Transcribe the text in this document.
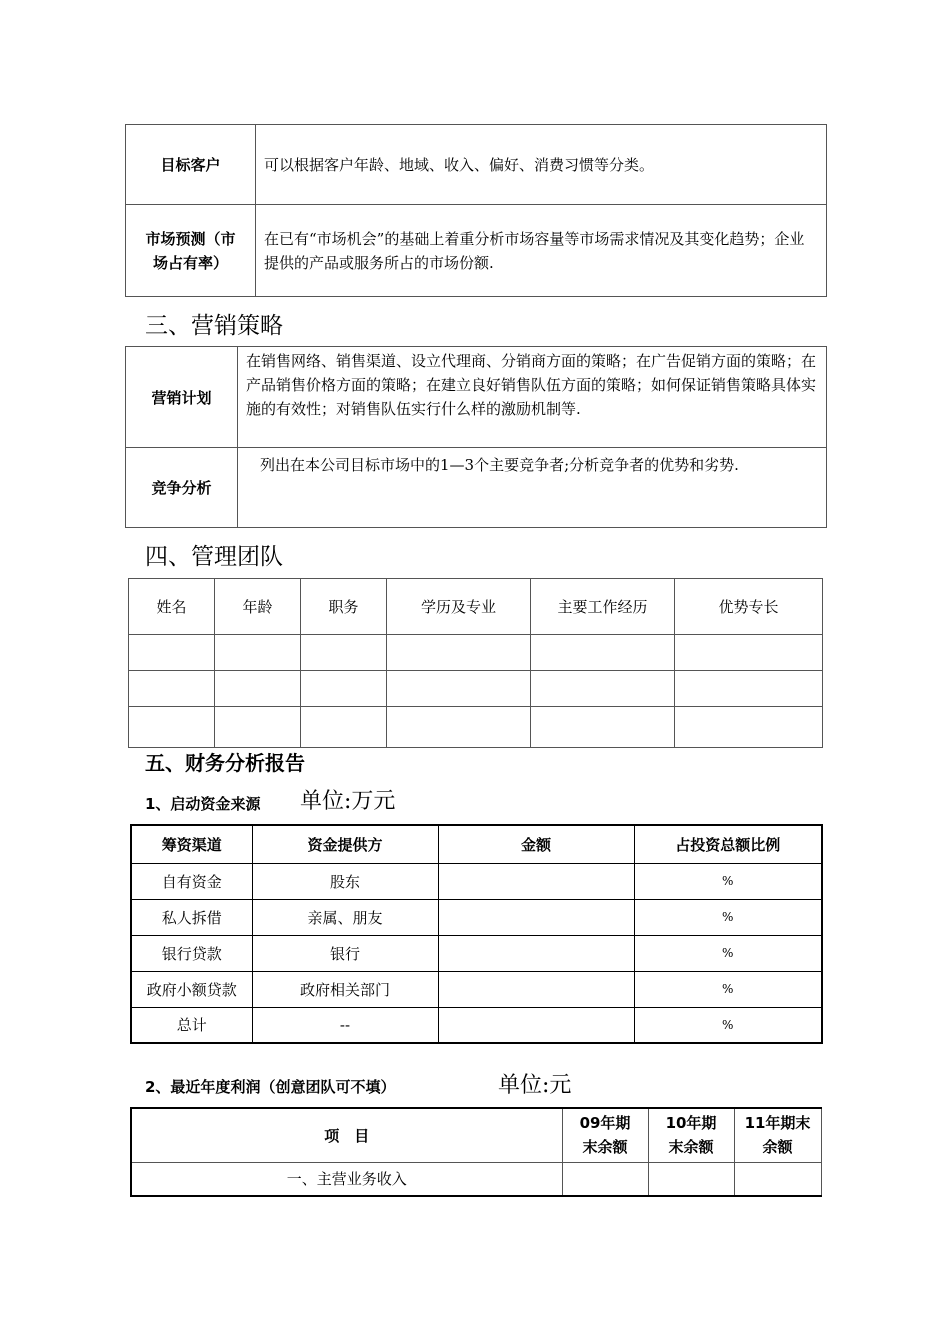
目标客户	可以根据客户年龄、地域、收入、偏好、消费习惯等分类。
市场预测（市场占有率）	在已有“市场机会”的基础上着重分析市场容量等市场需求情况及其变化趋势；企业提供的产品或服务所占的市场份额.
三、营销策略
营销计划	在销售网络、销售渠道、设立代理商、分销商方面的策略；在广告促销方面的策略；在产品销售价格方面的策略；在建立良好销售队伍方面的策略；如何保证销售策略具体实施的有效性；对销售队伍实行什么样的激励机制等.
竞争分析	列出在本公司目标市场中的1—3个主要竞争者;分析竞争者的优势和劣势.
四、管理团队
姓名	年龄	职务	学历及专业	主要工作经历	优势专长

五、财务分析报告
1、启动资金来源 单位:万元
筹资渠道	资金提供方	金额	占投资总额比例
自有资金	股东		%
私人拆借	亲属、朋友		%
银行贷款	银行		%
政府小额贷款	政府相关部门		%
总计	--		%
2、最近年度利润（创意团队可不填）	单位:元
项　目	09年期末余额	10年期末余额	11年期末余额
一、主营业务收入			
